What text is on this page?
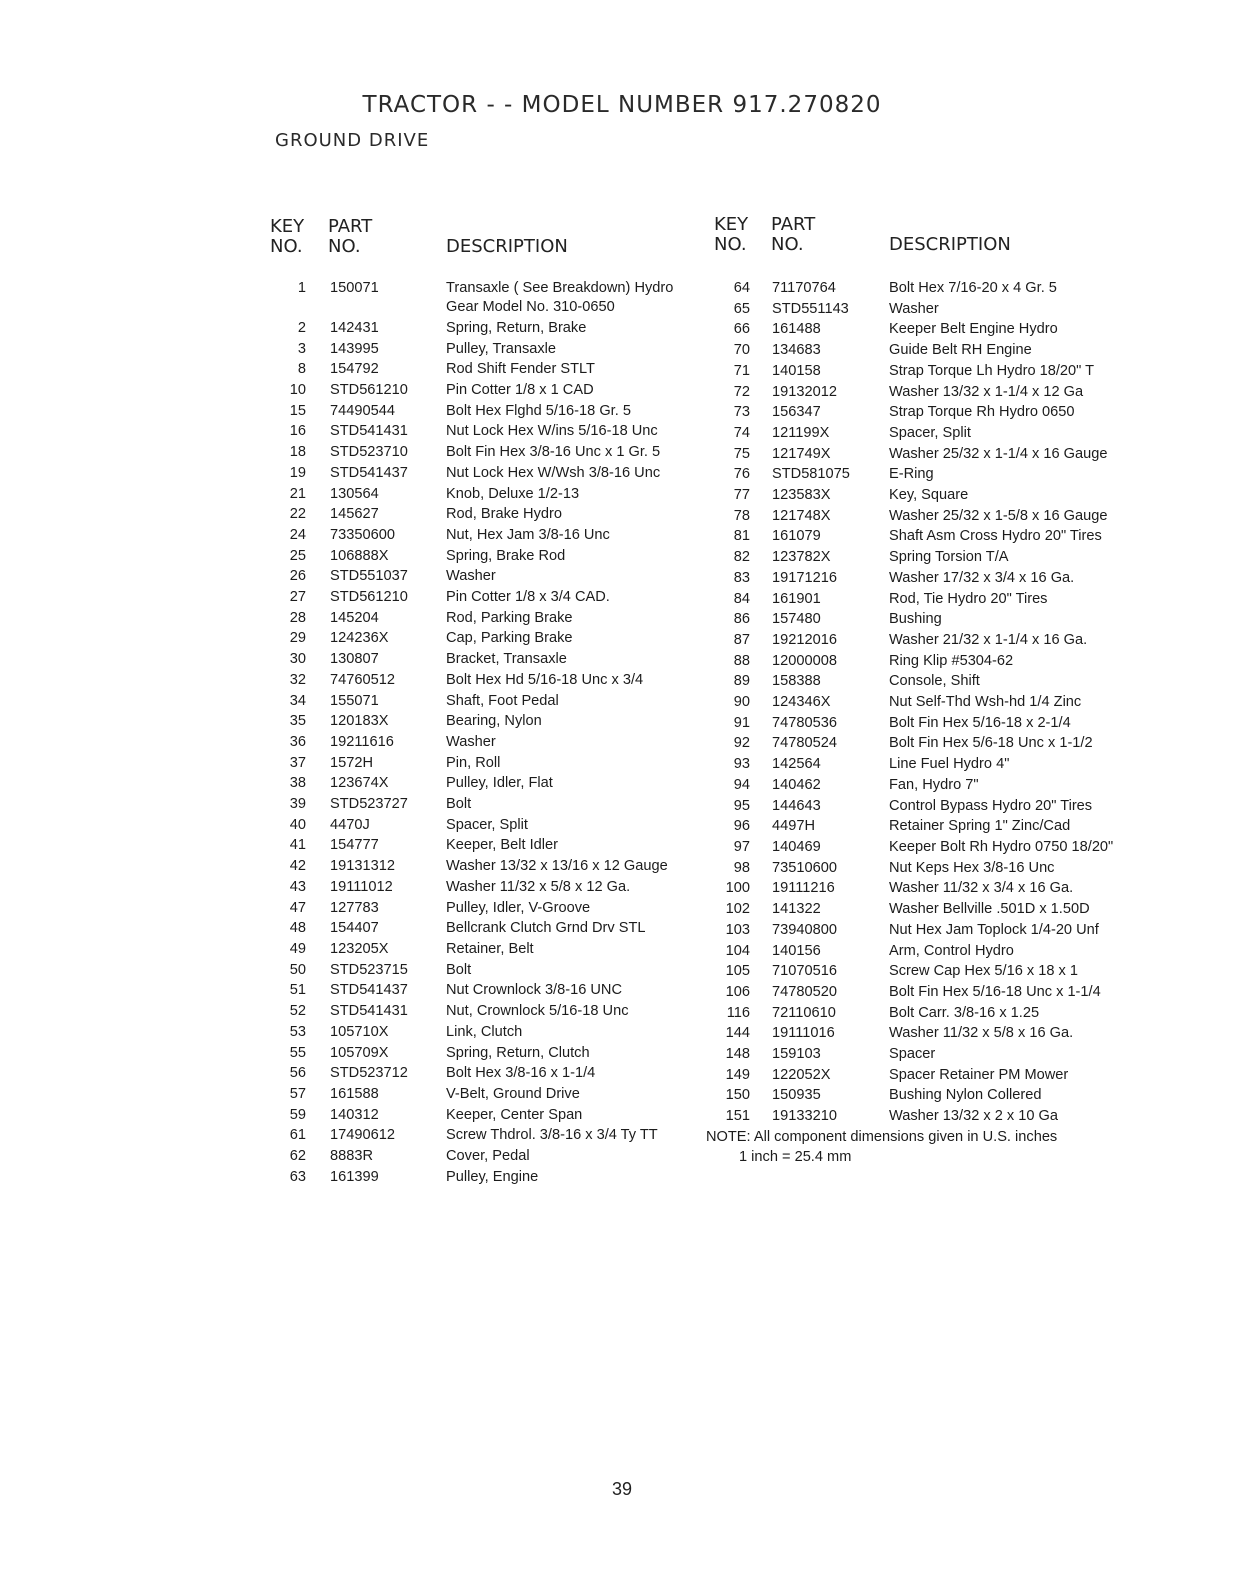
TRACTOR - - MODEL NUMBER 917.270820
GROUND DRIVE
KEY
NO.
PART
NO.	DESCRIPTION
1	150071	Transaxle ( See Breakdown) Hydro Gear Model No. 310-0650
2	142431	Spring, Return, Brake
3	143995	Pulley, Transaxle
8	154792	Rod Shift Fender STLT
10	STD561210	Pin Cotter 1/8 x 1 CAD
15	74490544	Bolt Hex Flghd 5/16-18 Gr. 5
16	STD541431	Nut Lock Hex W/ins 5/16-18 Unc
18	STD523710	Bolt Fin Hex 3/8-16 Unc x 1 Gr. 5
19	STD541437	Nut Lock Hex W/Wsh 3/8-16 Unc
21	130564	Knob, Deluxe 1/2-13
22	145627	Rod, Brake Hydro
24	73350600	Nut, Hex Jam 3/8-16 Unc
25	106888X	Spring, Brake Rod
26	STD551037	Washer
27	STD561210	Pin Cotter 1/8 x 3/4 CAD.
28	145204	Rod, Parking Brake
29	124236X	Cap, Parking Brake
30	130807	Bracket, Transaxle
32	74760512	Bolt Hex Hd 5/16-18 Unc x 3/4
34	155071	Shaft, Foot Pedal
35	120183X	Bearing, Nylon
36	19211616	Washer
37	1572H	Pin, Roll
38	123674X	Pulley, Idler, Flat
39	STD523727	Bolt
40	4470J	Spacer, Split
41	154777	Keeper, Belt Idler
42	19131312	Washer 13/32 x 13/16 x 12 Gauge
43	19111012	Washer 11/32 x 5/8 x 12 Ga.
47	127783	Pulley, Idler, V-Groove
48	154407	Bellcrank Clutch Grnd Drv STL
49	123205X	Retainer, Belt
50	STD523715	Bolt
51	STD541437	Nut Crownlock 3/8-16 UNC
52	STD541431	Nut, Crownlock 5/16-18 Unc
53	105710X	Link, Clutch
55	105709X	Spring, Return, Clutch
56	STD523712	Bolt Hex 3/8-16 x 1-1/4
57	161588	V-Belt, Ground Drive
59	140312	Keeper, Center Span
61	17490612	Screw Thdrol. 3/8-16 x 3/4 Ty TT
62	8883R	Cover, Pedal
63	161399	Pulley, Engine
KEY
NO.
PART
NO.	DESCRIPTION
64	71170764	Bolt Hex 7/16-20 x 4 Gr. 5
65	STD551143	Washer
66	161488	Keeper Belt Engine Hydro
70	134683	Guide Belt RH Engine
71	140158	Strap Torque Lh Hydro 18/20" T
72	19132012	Washer 13/32 x 1-1/4 x 12 Ga
73	156347	Strap Torque Rh Hydro 0650
74	121199X	Spacer, Split
75	121749X	Washer 25/32 x 1-1/4 x 16 Gauge
76	STD581075	E-Ring
77	123583X	Key, Square
78	121748X	Washer 25/32 x 1-5/8 x 16 Gauge
81	161079	Shaft Asm Cross Hydro 20" Tires
82	123782X	Spring Torsion T/A
83	19171216	Washer 17/32 x 3/4 x 16 Ga.
84	161901	Rod, Tie Hydro 20" Tires
86	157480	Bushing
87	19212016	Washer 21/32 x 1-1/4 x 16 Ga.
88	12000008	Ring Klip #5304-62
89	158388	Console, Shift
90	124346X	Nut Self-Thd Wsh-hd 1/4 Zinc
91	74780536	Bolt Fin Hex 5/16-18 x 2-1/4
92	74780524	Bolt Fin Hex 5/6-18 Unc x 1-1/2
93	142564	Line Fuel Hydro 4"
94	140462	Fan, Hydro 7"
95	144643	Control Bypass Hydro 20" Tires
96	4497H	Retainer Spring 1" Zinc/Cad
97	140469	Keeper Bolt Rh Hydro 0750 18/20"
98	73510600	Nut Keps Hex 3/8-16 Unc
100	19111216	Washer 11/32 x 3/4 x 16 Ga.
102	141322	Washer Bellville .501D x 1.50D
103	73940800	Nut Hex Jam Toplock 1/4-20 Unf
104	140156	Arm, Control Hydro
105	71070516	Screw Cap Hex 5/16 x 18 x 1
106	74780520	Bolt Fin Hex 5/16-18 Unc x 1-1/4
116	72110610	Bolt Carr. 3/8-16 x 1.25
144	19111016	Washer 11/32 x 5/8 x 16 Ga.
148	159103	Spacer
149	122052X	Spacer Retainer PM Mower
150	150935	Bushing Nylon Collered
151	19133210	Washer 13/32 x 2 x 10 Ga
NOTE: All component dimensions given in U.S. inches
1 inch = 25.4 mm
39
